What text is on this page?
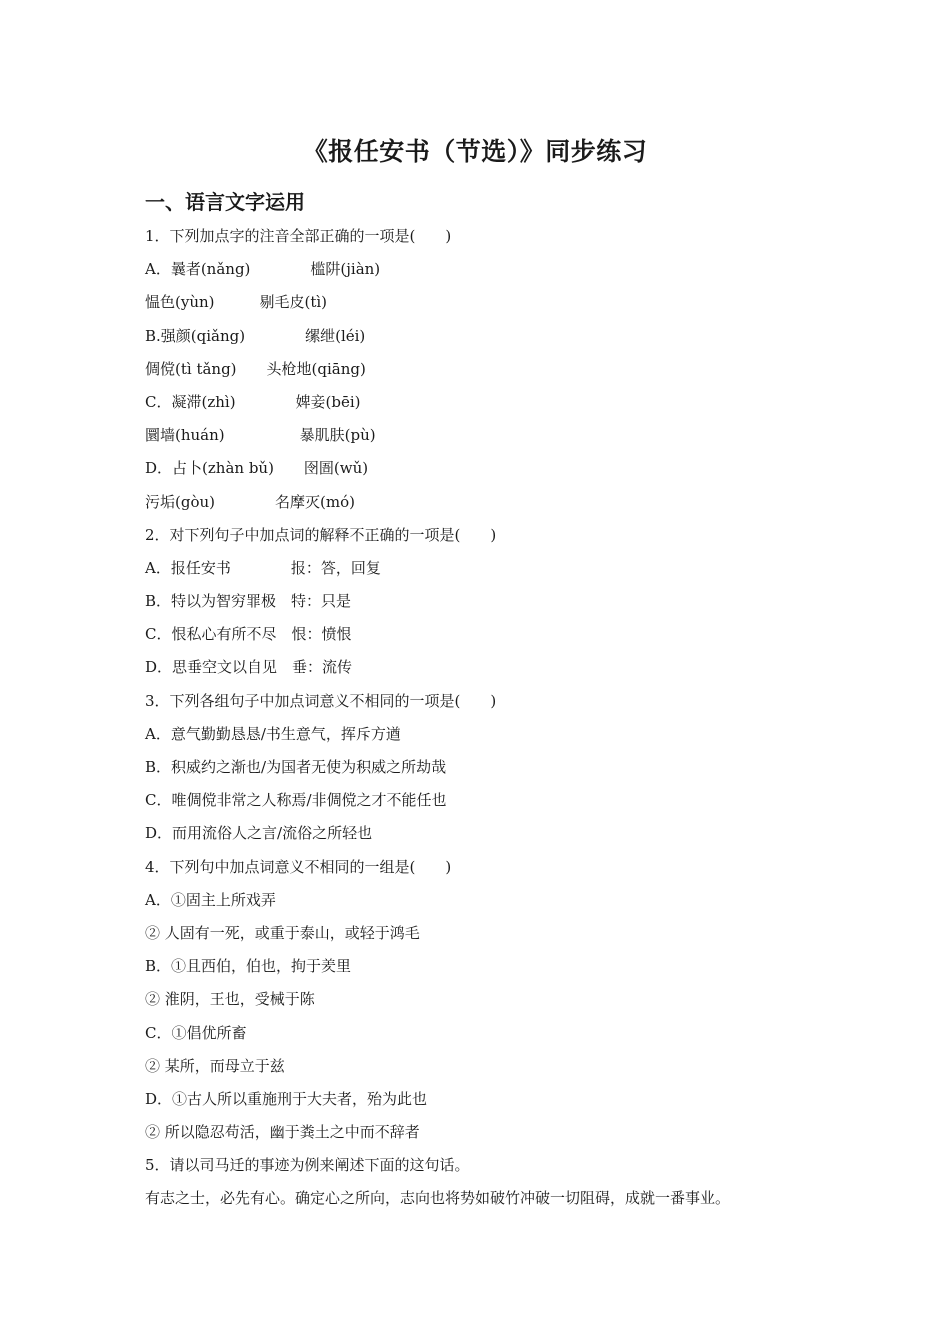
《报任安书（节选）》同步练习
一、语言文字运用
1．下列加点字的注音全部正确的一项是(　　)
A．曩者(nǎng)　　　　槛阱(jiàn)
愠色(yùn)　　　剔毛皮(tì)
B.强颜(qiǎng)　　　　缧绁(léi)
倜傥(tì tǎng)　　头枪地(qiāng)
C．凝滞(zhì)　　　　婢妾(bēi)
圜墙(huán)　　　　　暴肌肤(pù)
D．占卜(zhàn bǔ)　　囹圄(wǔ)
污垢(gòu)　　　　名摩灭(mó)
2．对下列句子中加点词的解释不正确的一项是(　　)
A．报任安书　　　　报：答，回复
B．特以为智穷罪极　特：只是
C．恨私心有所不尽　恨：愤恨
D．思垂空文以自见　垂：流传
3．下列各组句子中加点词意义不相同的一项是(　　)
A．意气勤勤恳恳/书生意气，挥斥方遒
B．积威约之渐也/为国者无使为积威之所劫哉
C．唯倜傥非常之人称焉/非倜傥之才不能任也
D．而用流俗人之言/流俗之所轻也
4．下列句中加点词意义不相同的一组是(　　)
A．①固主上所戏弄
② 人固有一死，或重于泰山，或轻于鸿毛
B．①且西伯，伯也，拘于羑里
② 淮阴，王也，受械于陈
C．①倡优所畜
② 某所，而母立于兹
D．①古人所以重施刑于大夫者，殆为此也
② 所以隐忍苟活，幽于粪土之中而不辞者
5．请以司马迁的事迹为例来阐述下面的这句话。
有志之士，必先有心。确定心之所向，志向也将势如破竹冲破一切阻碍，成就一番事业。
